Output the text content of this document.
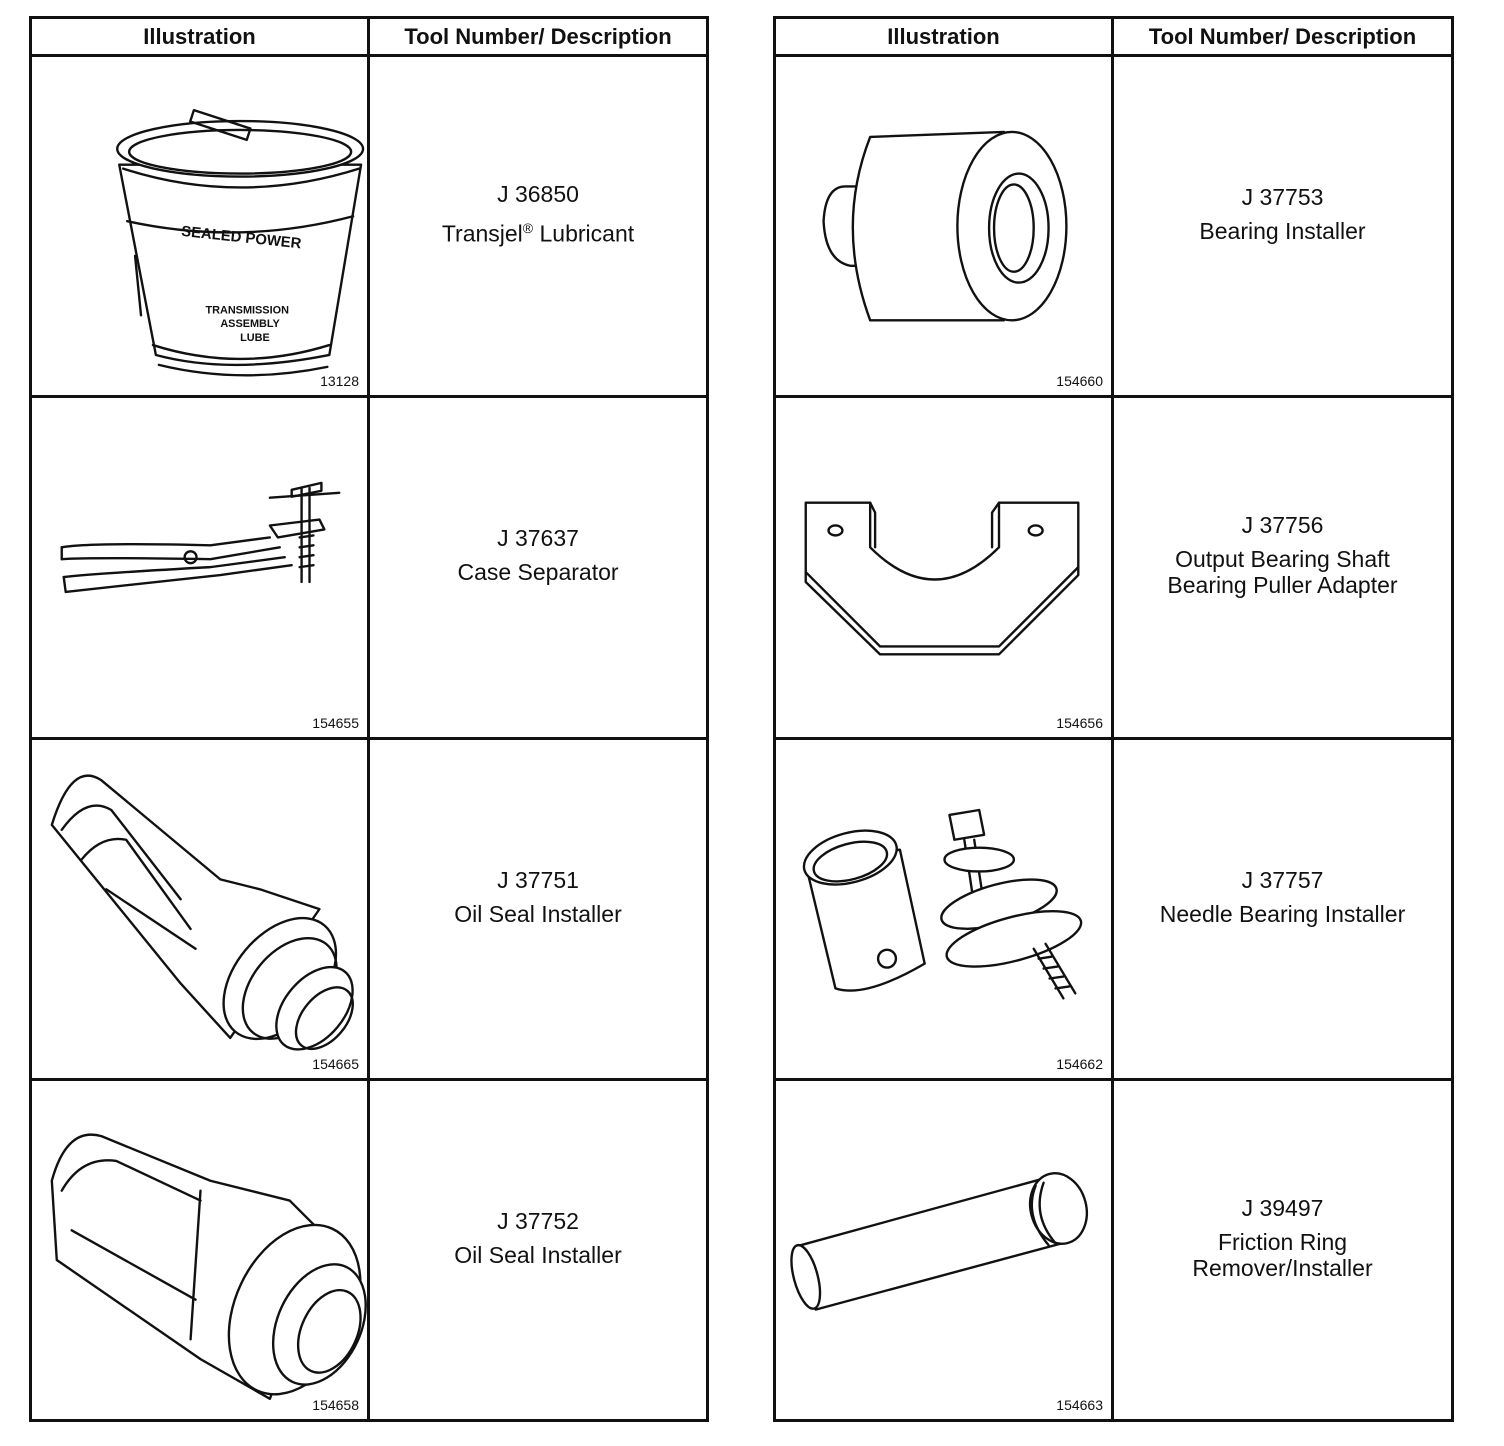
Illustration	Tool Number/ Description
SEALED POWER
TRANSMISSION
ASSEMBLY
LUBE
13128
J 36850
Transjel® Lubricant
154655
J 37637
Case Separator
154665
J 37751
Oil Seal Installer
154658
J 37752
Oil Seal Installer
Illustration	Tool Number/ Description
154660
J 37753
Bearing Installer
154656
J 37756
Output Bearing Shaft
Bearing Puller Adapter
154662
J 37757
Needle Bearing Installer
154663
J 39497
Friction Ring
Remover/Installer
